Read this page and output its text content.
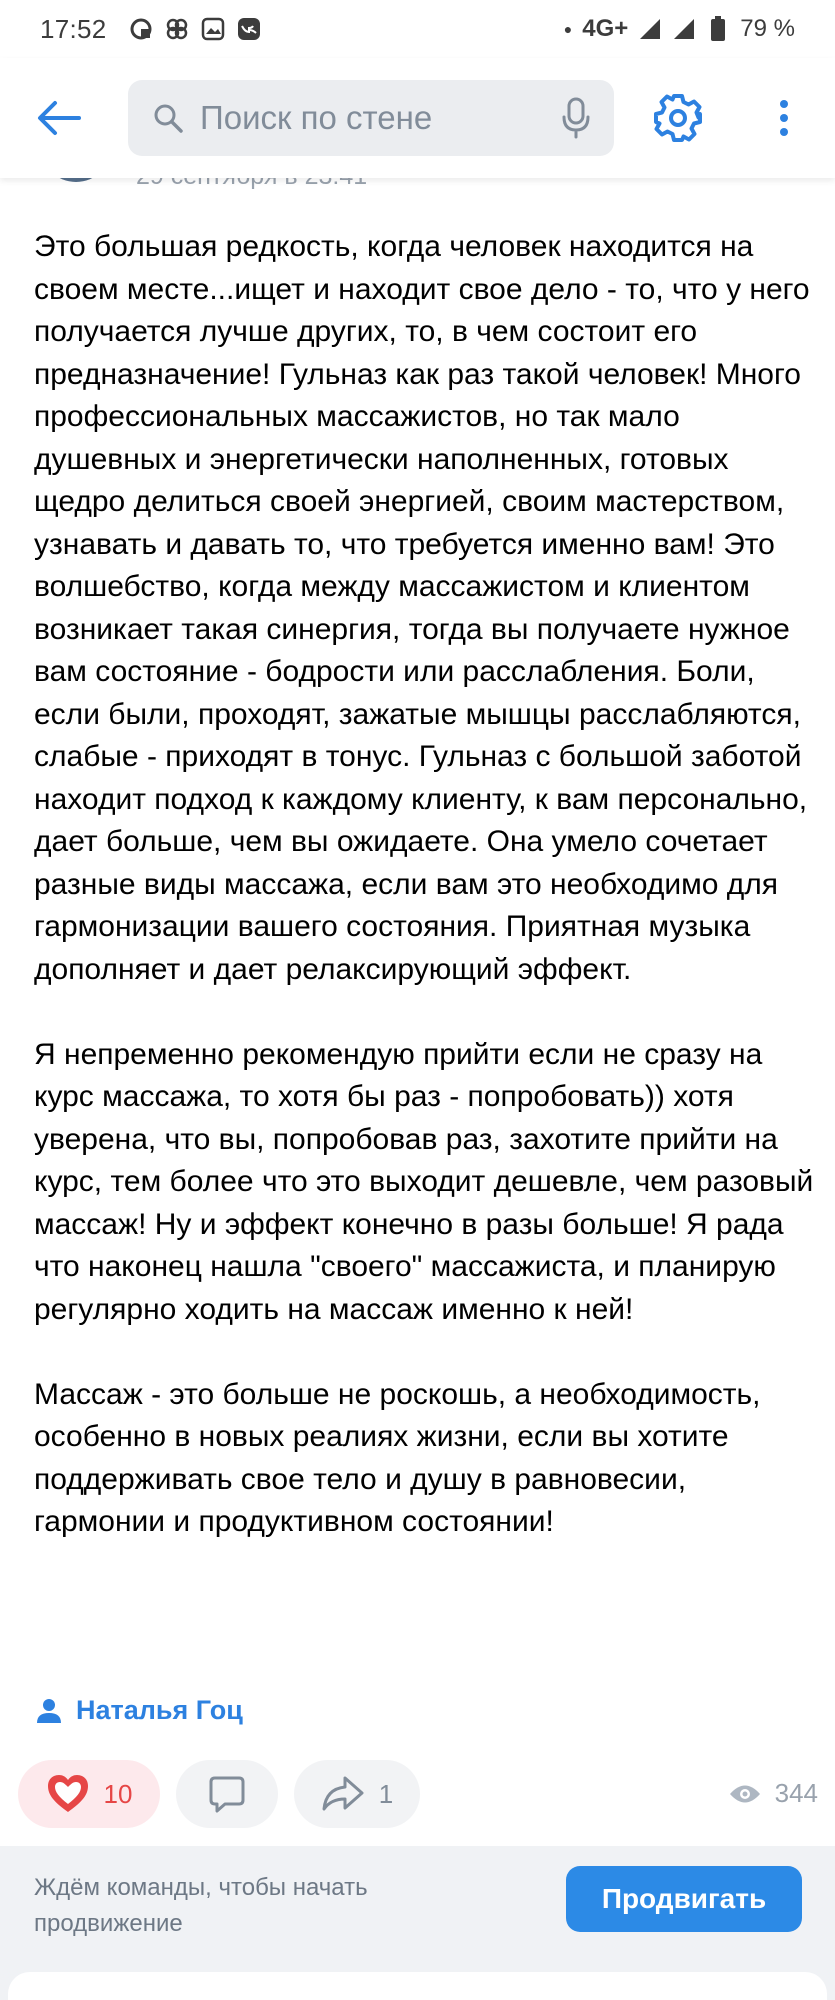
17:52	● 4G+	79 %
Поиск по стене
Это большая редкость, когда человек находится на своем месте...ищет и находит свое дело - то, что у него получается лучше других, то, в чем состоит его предназначение! Гульназ как раз такой человек! Много профессиональных массажистов, но так мало душевных и энергетически наполненных, готовых щедро делиться своей энергией, своим мастерством, узнавать и давать то, что требуется именно вам! Это волшебство, когда между массажистом и клиентом возникает такая синергия, тогда вы получаете нужное вам состояние - бодрости или расслабления. Боли, если были, проходят, зажатые мышцы расслабляются, слабые - приходят в тонус. Гульназ с большой заботой находит подход к каждому клиенту, к вам персонально, дает больше, чем вы ожидаете. Она умело сочетает разные виды массажа, если вам это необходимо для гармонизации вашего состояния. Приятная музыка дополняет и дает релаксирующий эффект.

Я непременно рекомендую прийти если не сразу на курс массажа, то хотя бы раз - попробовать)) хотя уверена, что вы, попробовав раз, захотите прийти на курс, тем более что это выходит дешевле, чем разовый массаж! Ну и эффект конечно в разы больше! Я рада что наконец нашла "своего" массажиста, и планирую регулярно ходить на массаж именно к ней!

Массаж - это больше не роскошь, а необходимость, особенно в новых реалиях жизни, если вы хотите поддерживать свое тело и душу в равновесии, гармонии и продуктивном состоянии!
Наталья Гоц
10	1	344
Ждём команды, чтобы начать продвижение
Продвигать
